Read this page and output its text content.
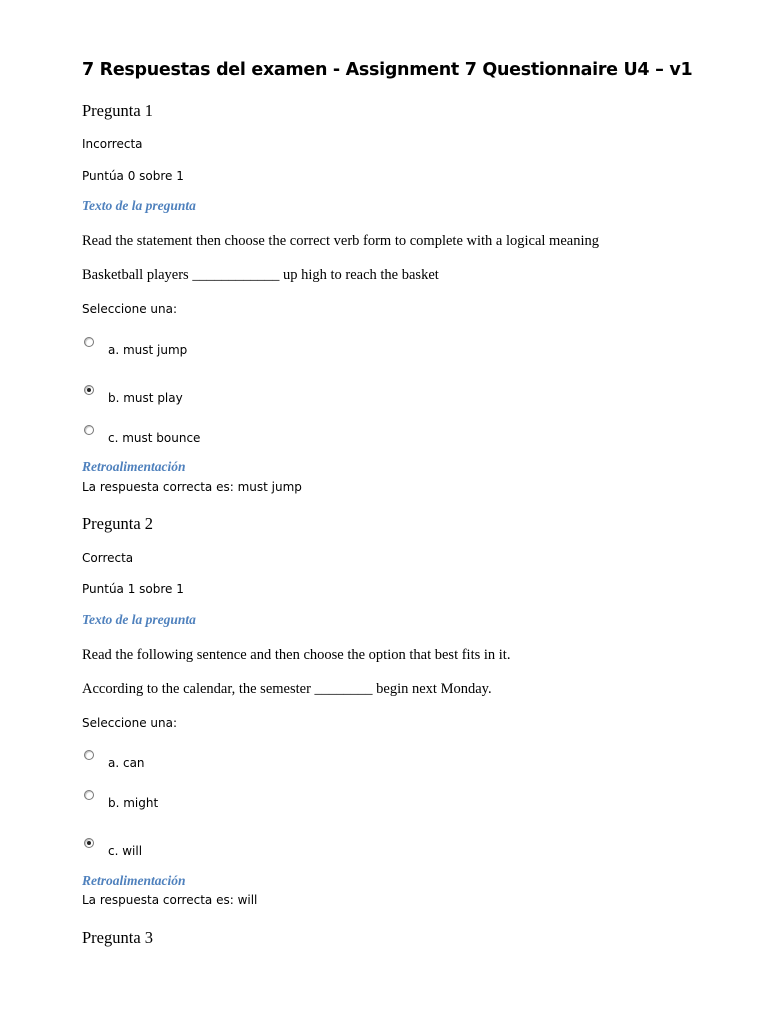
7 Respuestas del examen - Assignment 7 Questionnaire U4 – v1
Pregunta 1
Incorrecta
Puntúa 0 sobre 1
Texto de la pregunta
Read the statement then choose the correct verb form to complete with a logical meaning
Basketball players ____________ up high to reach the basket
Seleccione una:
a. must jump
b. must play
c. must bounce
Retroalimentación
La respuesta correcta es: must jump
Pregunta 2
Correcta
Puntúa 1 sobre 1
Texto de la pregunta
Read the following sentence and then choose the option that best fits in it.
According to the calendar, the semester ________ begin next Monday.
Seleccione una:
a. can
b. might
c. will
Retroalimentación
La respuesta correcta es: will
Pregunta 3
